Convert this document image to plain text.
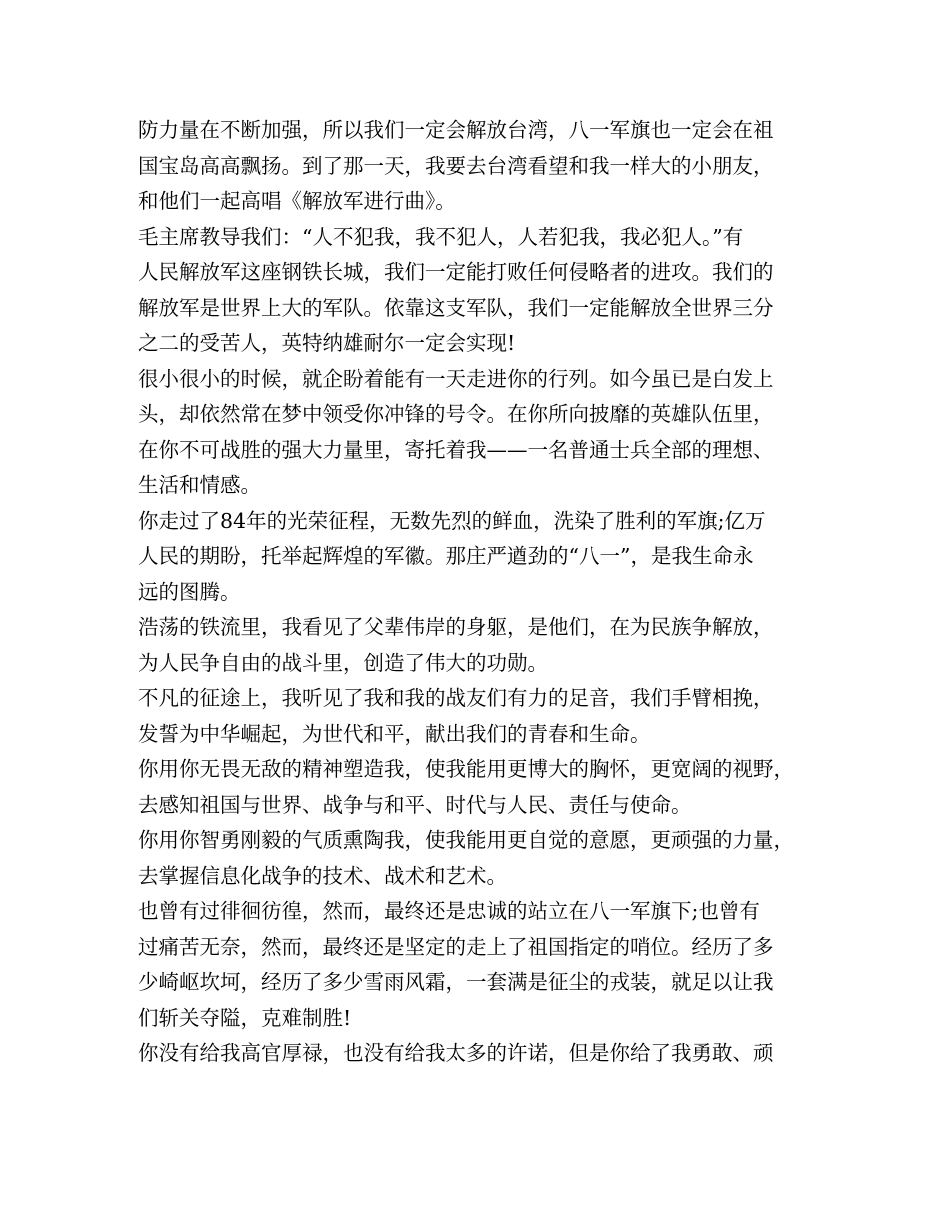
防力量在不断加强，所以我们一定会解放台湾，八一军旗也一定会在祖

国宝岛高高飘扬。到了那一天，我要去台湾看望和我一样大的小朋友，

和他们一起高唱《解放军进行曲》。

毛主席教导我们：“人不犯我，我不犯人，人若犯我，我必犯人。”有

人民解放军这座钢铁长城，我们一定能打败任何侵略者的进攻。我们的

解放军是世界上大的军队。依靠这支军队，我们一定能解放全世界三分

之二的受苦人，英特纳雄耐尔一定会实现!

很小很小的时候，就企盼着能有一天走进你的行列。如今虽已是白发上

头，却依然常在梦中领受你冲锋的号令。在你所向披靡的英雄队伍里，

在你不可战胜的强大力量里，寄托着我——一名普通士兵全部的理想、

生活和情感。

你走过了84年的光荣征程，无数先烈的鲜血，洗染了胜利的军旗;亿万

人民的期盼，托举起辉煌的军徽。那庄严遒劲的“八一”，是我生命永

远的图腾。

浩荡的铁流里，我看见了父辈伟岸的身躯，是他们，在为民族争解放，

为人民争自由的战斗里，创造了伟大的功勋。

不凡的征途上，我听见了我和我的战友们有力的足音，我们手臂相挽，

发誓为中华崛起，为世代和平，献出我们的青春和生命。

你用你无畏无敌的精神塑造我，使我能用更博大的胸怀，更宽阔的视野，

去感知祖国与世界、战争与和平、时代与人民、责任与使命。

你用你智勇刚毅的气质熏陶我，使我能用更自觉的意愿，更顽强的力量，

去掌握信息化战争的技术、战术和艺术。

也曾有过徘徊彷徨，然而，最终还是忠诚的站立在八一军旗下;也曾有

过痛苦无奈，然而，最终还是坚定的走上了祖国指定的哨位。经历了多

少崎岖坎坷，经历了多少雪雨风霜，一套满是征尘的戎装，就足以让我

们斩关夺隘，克难制胜!

你没有给我高官厚禄，也没有给我太多的许诺，但是你给了我勇敢、顽
